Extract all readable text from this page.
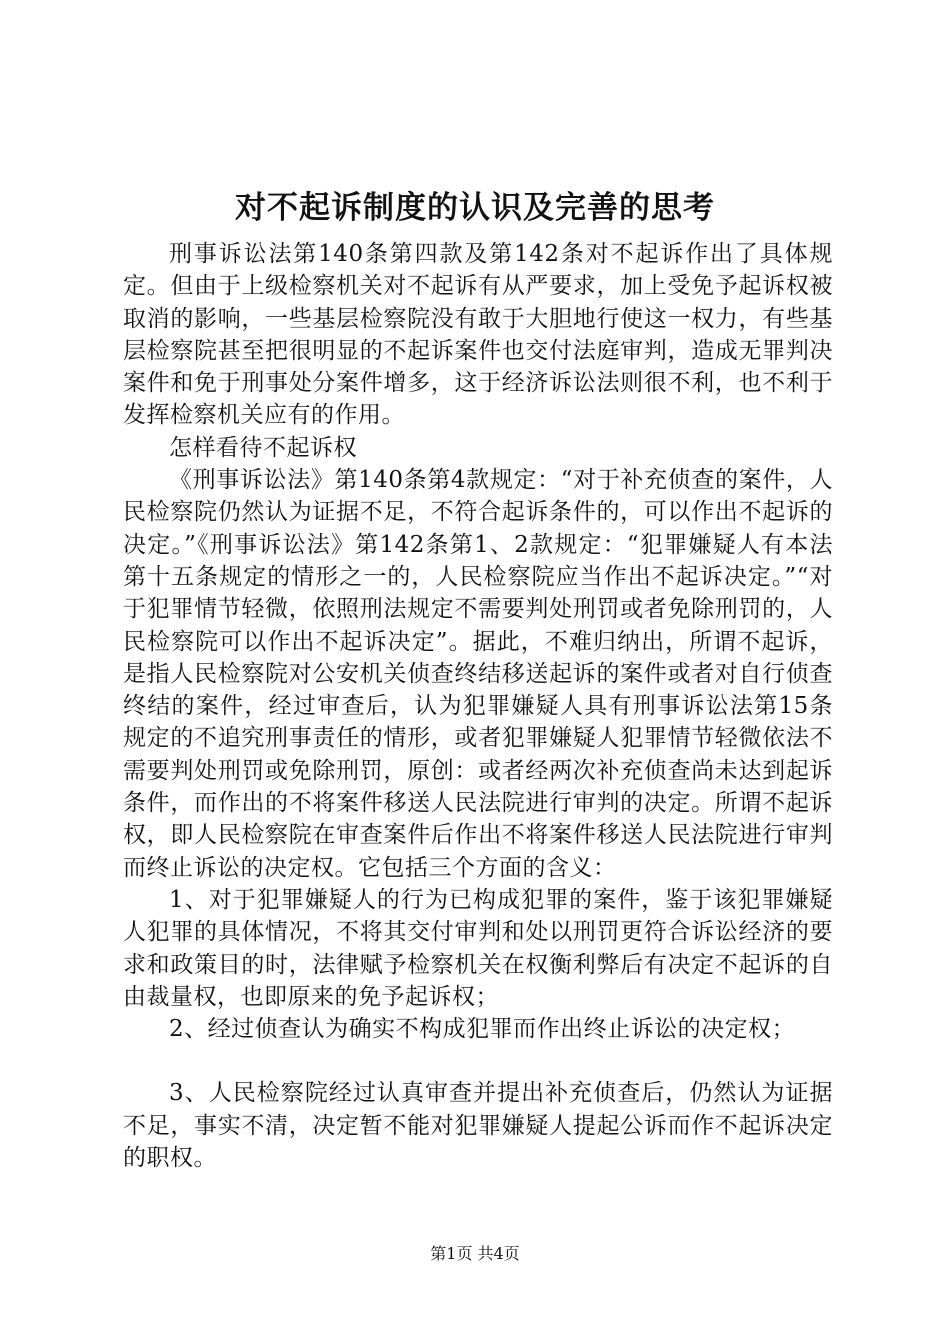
对不起诉制度的认识及完善的思考

刑事诉讼法第140条第四款及第142条对不起诉作出了具体规定。但由于上级检察机关对不起诉有从严要求，加上受免予起诉权被取消的影响，一些基层检察院没有敢于大胆地行使这一权力，有些基层检察院甚至把很明显的不起诉案件也交付法庭审判，造成无罪判决案件和免于刑事处分案件增多，这于经济诉讼法则很不利，也不利于发挥检察机关应有的作用。

怎样看待不起诉权

《刑事诉讼法》第140条第4款规定：“对于补充侦查的案件，人民检察院仍然认为证据不足，不符合起诉条件的，可以作出不起诉的决定。”《刑事诉讼法》第142条第1、2款规定：“犯罪嫌疑人有本法第十五条规定的情形之一的，人民检察院应当作出不起诉决定。”“对于犯罪情节轻微，依照刑法规定不需要判处刑罚或者免除刑罚的，人民检察院可以作出不起诉决定”。据此，不难归纳出，所谓不起诉，是指人民检察院对公安机关侦查终结移送起诉的案件或者对自行侦查终结的案件，经过审查后，认为犯罪嫌疑人具有刑事诉讼法第15条规定的不追究刑事责任的情形，或者犯罪嫌疑人犯罪情节轻微依法不需要判处刑罚或免除刑罚，原创：或者经两次补充侦查尚未达到起诉条件，而作出的不将案件移送人民法院进行审判的决定。所谓不起诉权，即人民检察院在审查案件后作出不将案件移送人民法院进行审判而终止诉讼的决定权。它包括三个方面的含义：

1、对于犯罪嫌疑人的行为已构成犯罪的案件，鉴于该犯罪嫌疑人犯罪的具体情况，不将其交付审判和处以刑罚更符合诉讼经济的要求和政策目的时，法律赋予检察机关在权衡利弊后有决定不起诉的自由裁量权，也即原来的免予起诉权；

2、经过侦查认为确实不构成犯罪而作出终止诉讼的决定权；

3、人民检察院经过认真审查并提出补充侦查后，仍然认为证据不足，事实不清，决定暂不能对犯罪嫌疑人提起公诉而作不起诉决定的职权。

第1页 共4页
